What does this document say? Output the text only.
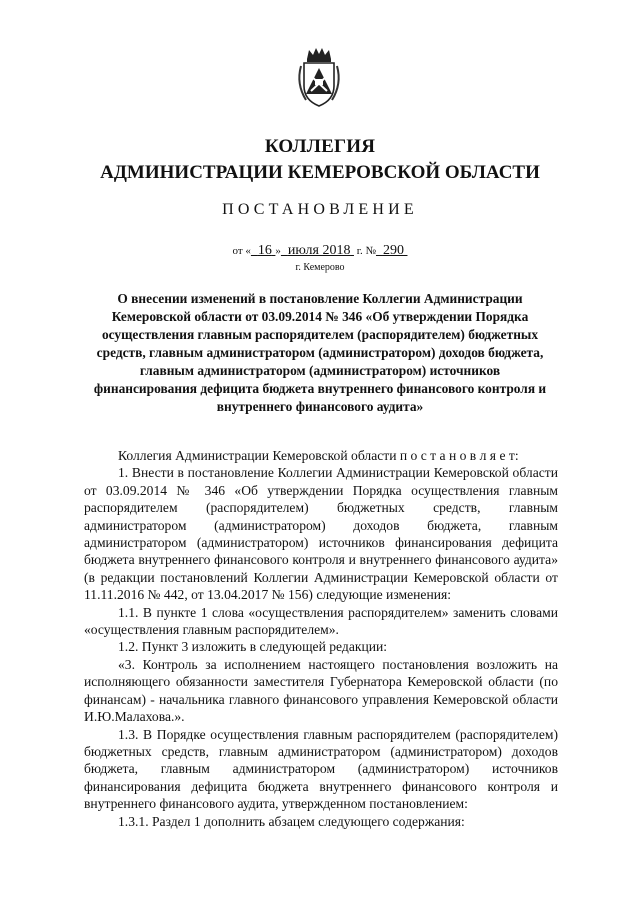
КОЛЛЕГИЯ
АДМИНИСТРАЦИИ КЕМЕРОВСКОЙ ОБЛАСТИ
ПОСТАНОВЛЕНИЕ
от « 16 » июля 2018 г. № 290
г. Кемерово
О внесении изменений в постановление Коллегии Администрации Кемеровской области от 03.09.2014 № 346 «Об утверждении Порядка осуществления главным распорядителем (распорядителем) бюджетных средств, главным администратором (администратором) доходов бюджета, главным администратором (администратором) источников финансирования дефицита бюджета внутреннего финансового контроля и внутреннего финансового аудита»

Коллегия Администрации Кемеровской области п о с т а н о в л я е т:

1. Внести в постановление Коллегии Администрации Кемеровской области от 03.09.2014 № 346 «Об утверждении Порядка осуществления главным распорядителем (распорядителем) бюджетных средств, главным администратором (администратором) доходов бюджета, главным администратором (администратором) источников финансирования дефицита бюджета внутреннего финансового контроля и внутреннего финансового аудита» (в редакции постановлений Коллегии Администрации Кемеровской области от 11.11.2016 № 442, от 13.04.2017 № 156) следующие изменения:

1.1. В пункте 1 слова «осуществления распорядителем» заменить словами «осуществления главным распорядителем».

1.2. Пункт 3 изложить в следующей редакции:

«3. Контроль за исполнением настоящего постановления возложить на исполняющего обязанности заместителя Губернатора Кемеровской области (по финансам) - начальника главного финансового управления Кемеровской области И.Ю.Малахова.».

1.3. В Порядке осуществления главным распорядителем (распорядителем) бюджетных средств, главным администратором (администратором) доходов бюджета, главным администратором (администратором) источников финансирования дефицита бюджета внутреннего финансового контроля и внутреннего финансового аудита, утвержденном постановлением:

1.3.1. Раздел 1 дополнить абзацем следующего содержания:
